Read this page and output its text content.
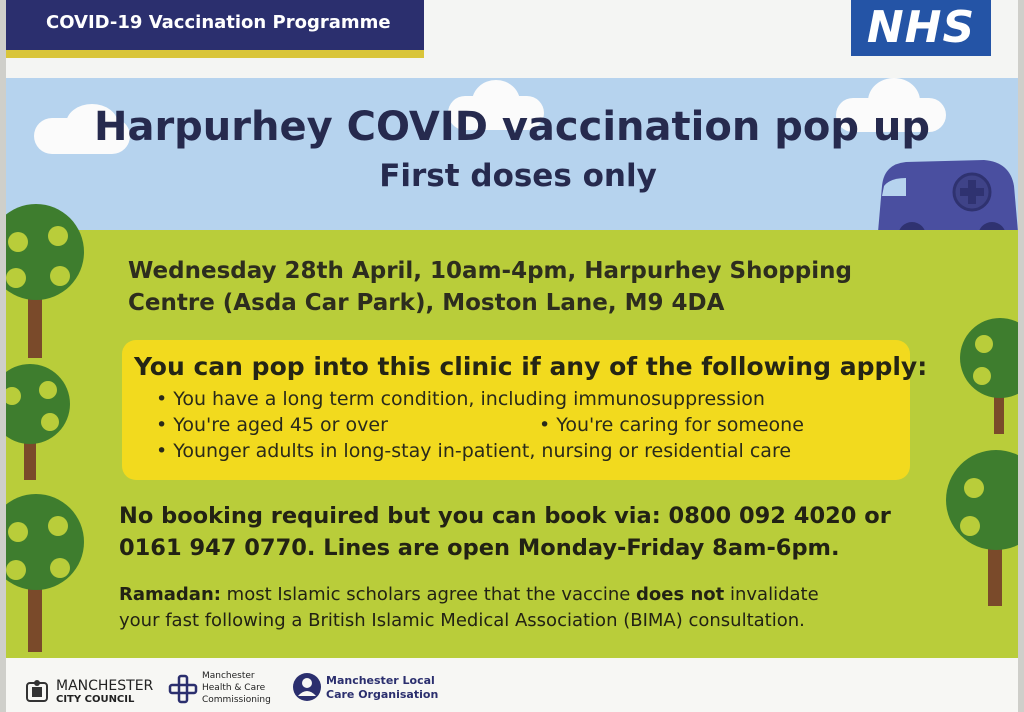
COVID-19 Vaccination Programme	NHS
Harpurhey COVID vaccination pop up
First doses only
Wednesday 28th April, 10am-4pm, Harpurhey Shopping
Centre (Asda Car Park), Moston Lane, M9 4DA
You can pop into this clinic if any of the following apply:
• You have a long term condition, including immunosuppression
• You're aged 45 or over	• You're caring for someone
• Younger adults in long-stay in-patient, nursing or residential care
No booking required but you can book via: 0800 092 4020 or
0161 947 0770. Lines are open Monday-Friday 8am-6pm.
Ramadan: most Islamic scholars agree that the vaccine does not invalidate
your fast following a British Islamic Medical Association (BIMA) consultation.
MANCHESTER
CITY COUNCIL
Manchester
Health & Care
Commissioning
Manchester Local
Care Organisation
